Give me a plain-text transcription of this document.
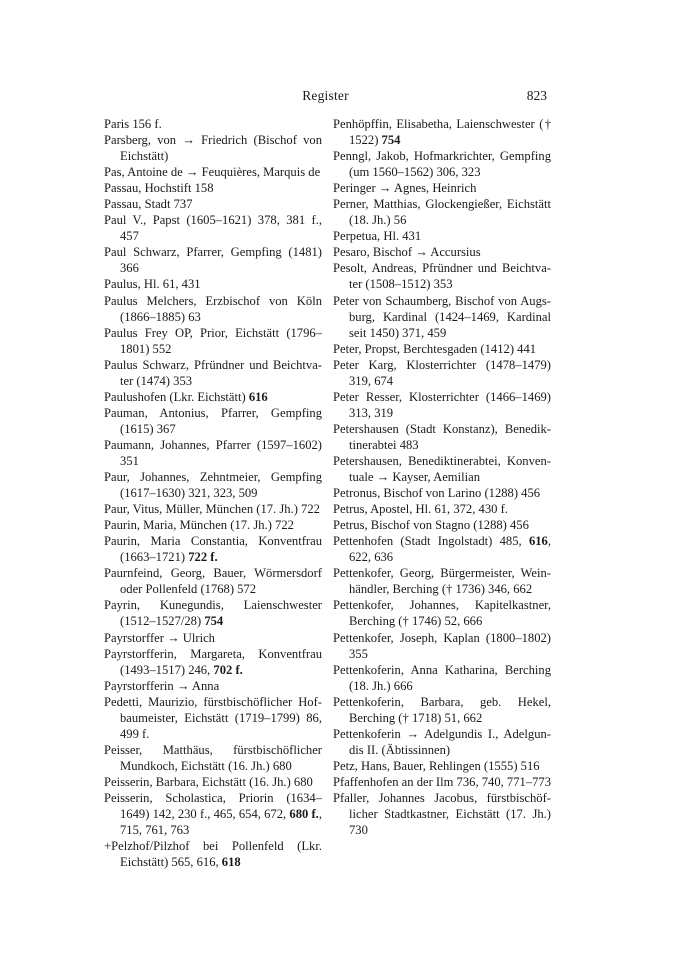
Register	823
Paris 156 f.
Parsberg, von → Friedrich (Bischof von Eichstätt)
Pas, Antoine de → Feuquières, Marquis de
Passau, Hochstift 158
Passau, Stadt 737
Paul V., Papst (1605–1621) 378, 381 f., 457
Paul Schwarz, Pfarrer, Gempfing (1481) 366
Paulus, Hl. 61, 431
Paulus Melchers, Erzbischof von Köln (1866–1885) 63
Paulus Frey OP, Prior, Eichstätt (1796–1801) 552
Paulus Schwarz, Pfründner und Beichtvater (1474) 353
Paulushofen (Lkr. Eichstätt) 616
Pauman, Antonius, Pfarrer, Gempfing (1615) 367
Paumann, Johannes, Pfarrer (1597–1602) 351
Paur, Johannes, Zehntmeier, Gempfing (1617–1630) 321, 323, 509
Paur, Vitus, Müller, München (17. Jh.) 722
Paurin, Maria, München (17. Jh.) 722
Paurin, Maria Constantia, Konventfrau (1663–1721) 722 f.
Paurnfeind, Georg, Bauer, Wörmersdorf oder Pollenfeld (1768) 572
Payrin, Kunegundis, Laienschwester (1512–1527/28) 754
Payrstorffer → Ulrich
Payrstorfferin, Margareta, Konventfrau (1493–1517) 246, 702 f.
Payrstorfferin → Anna
Pedetti, Maurizio, fürstbischöflicher Hofbaumeister, Eichstätt (1719–1799) 86, 499 f.
Peisser, Matthäus, fürstbischöflicher Mundkoch, Eichstätt (16. Jh.) 680
Peisserin, Barbara, Eichstätt (16. Jh.) 680
Peisserin, Scholastica, Priorin (1634–1649) 142, 230 f., 465, 654, 672, 680 f., 715, 761, 763
+Pelzhof/Pilzhof bei Pollenfeld (Lkr. Eichstätt) 565, 616, 618
Penhöpffin, Elisabetha, Laienschwester († 1522) 754
Penngl, Jakob, Hofmarkrichter, Gempfing (um 1560–1562) 306, 323
Peringer → Agnes, Heinrich
Perner, Matthias, Glockengießer, Eichstätt (18. Jh.) 56
Perpetua, Hl. 431
Pesaro, Bischof → Accursius
Pesolt, Andreas, Pfründner und Beichtvater (1508–1512) 353
Peter von Schaumberg, Bischof von Augsburg, Kardinal (1424–1469, Kardinal seit 1450) 371, 459
Peter, Propst, Berchtesgaden (1412) 441
Peter Karg, Klosterrichter (1478–1479) 319, 674
Peter Resser, Klosterrichter (1466–1469) 313, 319
Petershausen (Stadt Konstanz), Benediktinerabtei 483
Petershausen, Benediktinerabtei, Konventuale → Kayser, Aemilian
Petronus, Bischof von Larino (1288) 456
Petrus, Apostel, Hl. 61, 372, 430 f.
Petrus, Bischof von Stagno (1288) 456
Pettenhofen (Stadt Ingolstadt) 485, 616, 622, 636
Pettenkofer, Georg, Bürgermeister, Weinhändler, Berching († 1736) 346, 662
Pettenkofer, Johannes, Kapitelkastner, Berching († 1746) 52, 666
Pettenkofer, Joseph, Kaplan (1800–1802) 355
Pettenkoferin, Anna Katharina, Berching (18. Jh.) 666
Pettenkoferin, Barbara, geb. Hekel, Berching († 1718) 51, 662
Pettenkoferin → Adelgundis I., Adelgundis II. (Äbtissinnen)
Petz, Hans, Bauer, Rehlingen (1555) 516
Pfaffenhofen an der Ilm 736, 740, 771–773
Pfaller, Johannes Jacobus, fürstbischöflicher Stadtkastner, Eichstätt (17. Jh.) 730
